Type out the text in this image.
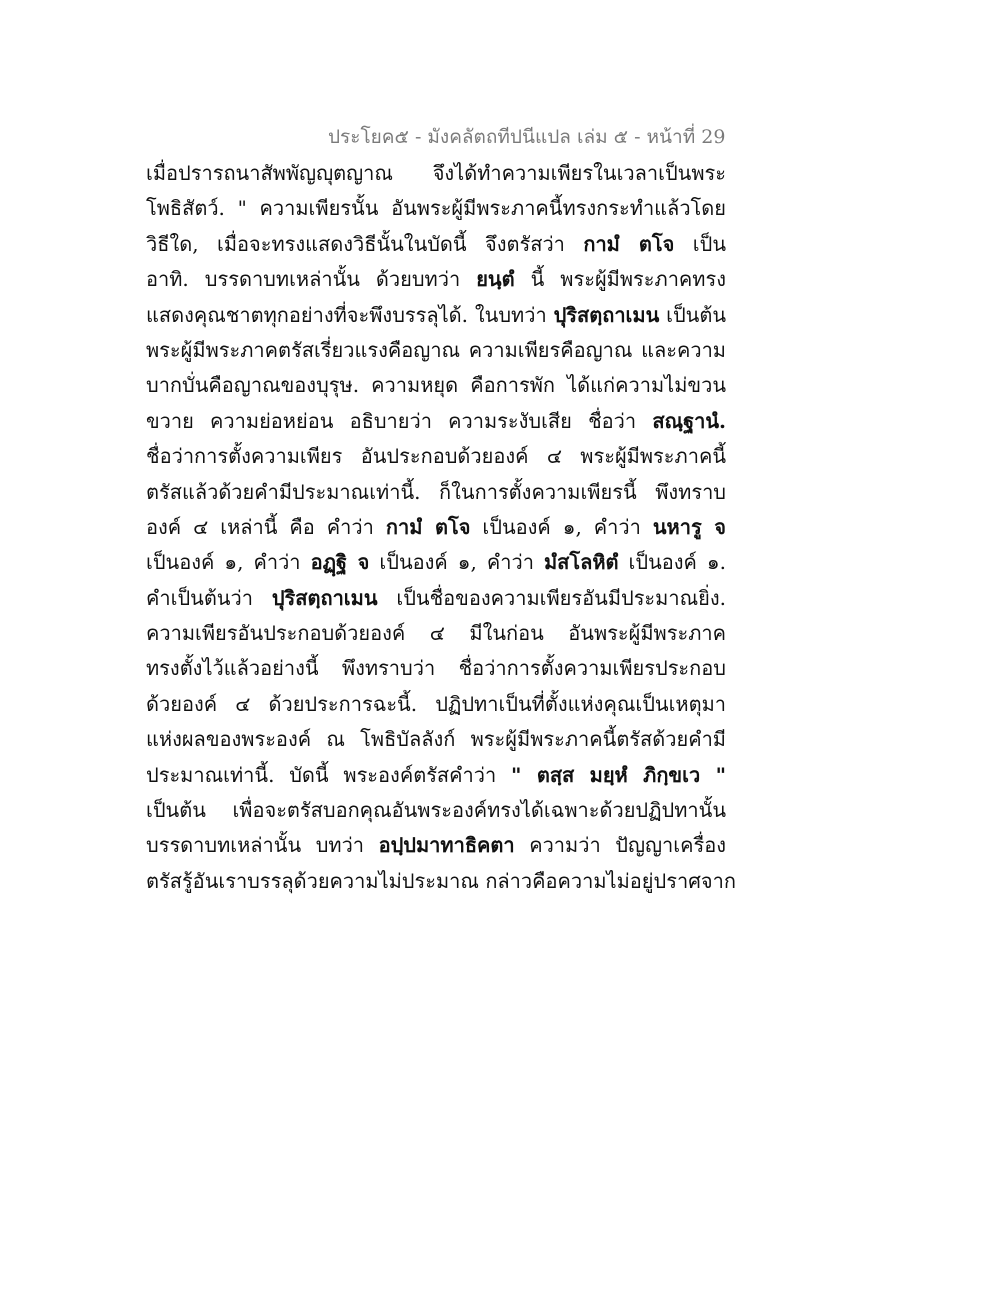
ประโยค๕ - มังคลัตถทีปนีแปล เล่ม ๕ - หน้าที่ 29
เมื่อปรารถนาสัพพัญญุตญาณ จึงได้ทำความเพียรในเวลาเป็นพระ
โพธิสัตว์. " ความเพียรนั้น อันพระผู้มีพระภาคนี้ทรงกระทำแล้วโดย
วิธีใด, เมื่อจะทรงแสดงวิธีนั้นในบัดนี้ จึงตรัสว่า กามํ ตโจ เป็น
อาทิ. บรรดาบทเหล่านั้น ด้วยบทว่า ยนฺตํ นี้ พระผู้มีพระภาคทรง
แสดงคุณชาตทุกอย่างที่จะพึงบรรลุได้. ในบทว่า ปุริสตฺถาเมน เป็นต้น
พระผู้มีพระภาคตรัสเรี่ยวแรงคือญาณ ความเพียรคือญาณ และความ
บากบั่นคือญาณของบุรุษ. ความหยุด คือการพัก ได้แก่ความไม่ขวน
ขวาย ความย่อหย่อน อธิบายว่า ความระงับเสีย ชื่อว่า สณฺฐานํ.
ชื่อว่าการตั้งความเพียร อันประกอบด้วยองค์ ๔ พระผู้มีพระภาคนี้
ตรัสแล้วด้วยคำมีประมาณเท่านี้. ก็ในการตั้งความเพียรนี้ พึงทราบ
องค์ ๔ เหล่านี้ คือ คำว่า กามํ ตโจ เป็นองค์ ๑, คำว่า นหารู จ
เป็นองค์ ๑, คำว่า อฏฺฐิ จ เป็นองค์ ๑, คำว่า มํสโลหิตํ เป็นองค์ ๑.
คำเป็นต้นว่า ปุริสตฺถาเมน เป็นชื่อของความเพียรอันมีประมาณยิ่ง.
ความเพียรอันประกอบด้วยองค์ ๔ มีในก่อน อันพระผู้มีพระภาค
ทรงตั้งไว้แล้วอย่างนี้ พึงทราบว่า ชื่อว่าการตั้งความเพียรประกอบ
ด้วยองค์ ๔ ด้วยประการฉะนี้. ปฏิปทาเป็นที่ตั้งแห่งคุณเป็นเหตุมา
แห่งผลของพระองค์ ณ โพธิบัลลังก์ พระผู้มีพระภาคนี้ตรัสด้วยคำมี
ประมาณเท่านี้. บัดนี้ พระองค์ตรัสคำว่า " ตสฺส มยฺหํ ภิกฺขเว "
เป็นต้น เพื่อจะตรัสบอกคุณอันพระองค์ทรงได้เฉพาะด้วยปฏิปทานั้น
บรรดาบทเหล่านั้น บทว่า อปฺปมาทาธิคตา ความว่า ปัญญาเครื่อง
ตรัสรู้อันเราบรรลุด้วยความไม่ประมาณ กล่าวคือความไม่อยู่ปราศจาก
